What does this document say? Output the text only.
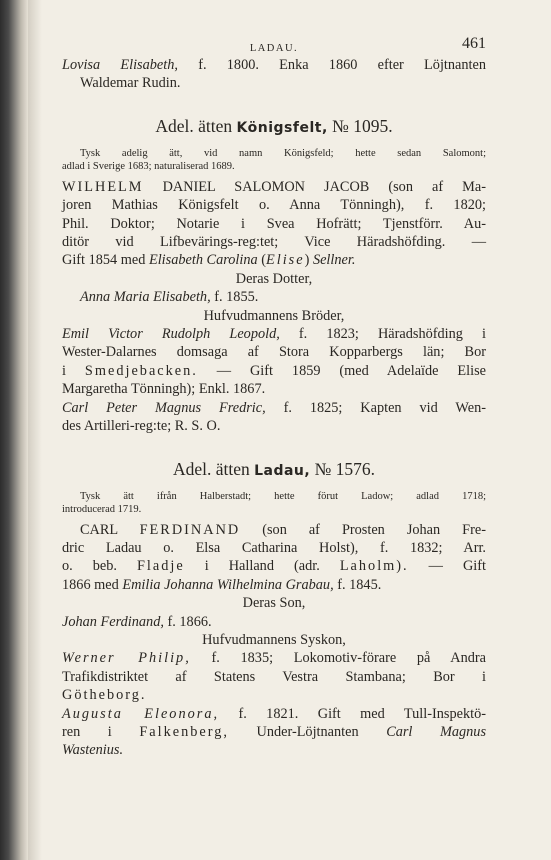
LADAU.	461

Lovisa Elisabeth, f. 1800. Enka 1860 efter Löjtnanten
Waldemar Rudin.

Adel. ätten Königsfelt, № 1095.

Tysk adelig ätt, vid namn Königsfeld; hette sedan Salomont;
adlad i Sverige 1683; naturaliserad 1689.

WILHELM DANIEL SALOMON JACOB (son af Ma-
joren Mathias Königsfelt o. Anna Tönningh), f. 1820;
Phil. Doktor; Notarie i Svea Hofrätt; Tjenstförr. Au-
ditör vid Lifbevärings-reg:tet; Vice Häradshöfding. —
Gift 1854 med Elisabeth Carolina (Elise) Sellner.

Deras Dotter,

Anna Maria Elisabeth, f. 1855.

Hufvudmannens Bröder,

Emil Victor Rudolph Leopold, f. 1823; Häradshöfding i
Wester-Dalarnes domsaga af Stora Kopparbergs län; Bor
i Smedjebacken. — Gift 1859 (med Adelaïde Elise
Margaretha Tönningh); Enkl. 1867.

Carl Peter Magnus Fredric, f. 1825; Kapten vid Wen-
des Artilleri-reg:te; R. S. O.

Adel. ätten Ladau, № 1576.

Tysk ätt ifrån Halberstadt; hette förut Ladow; adlad 1718;
introducerad 1719.

CARL FERDINAND (son af Prosten Johan Fre-
dric Ladau o. Elsa Catharina Holst), f. 1832; Arr.
o. beb. Fladje i Halland (adr. Laholm). — Gift
1866 med Emilia Johanna Wilhelmina Grabau, f. 1845.

Deras Son,

Johan Ferdinand, f. 1866.

Hufvudmannens Syskon,

Werner Philip, f. 1835; Lokomotiv-förare på Andra
Trafikdistriktet af Statens Vestra Stambana; Bor i
Götheborg.

Augusta Eleonora, f. 1821. Gift med Tull-Inspektö-
ren i Falkenberg, Under-Löjtnanten Carl Magnus
Wastenius.
